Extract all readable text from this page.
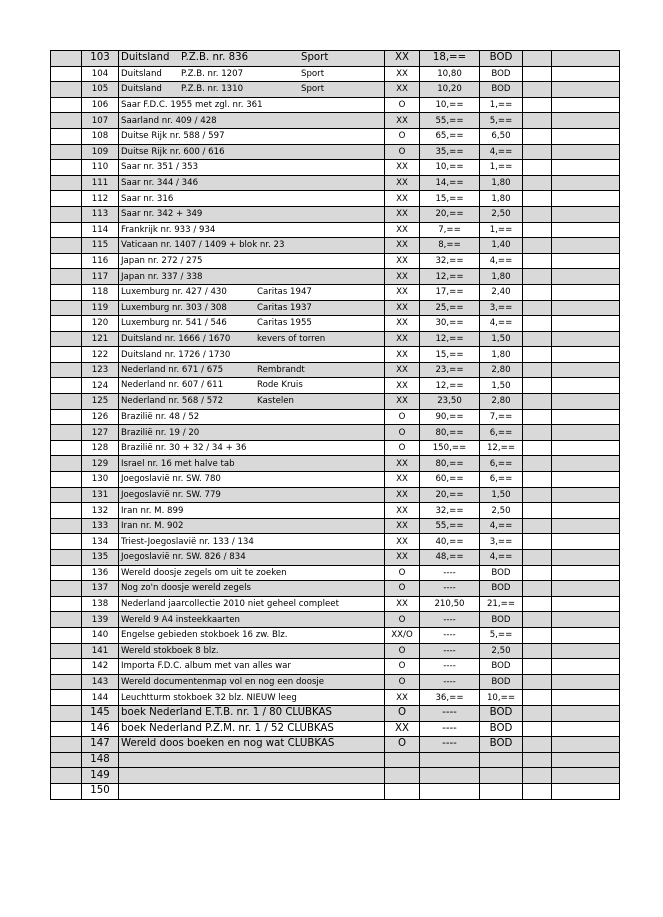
	103	Duitsland P.Z.B. nr. 836 Sport	XX	18,==	BOD		
	104	Duitsland P.Z.B. nr. 1207 Sport	XX	10,80	BOD		
	105	Duitsland P.Z.B. nr. 1310 Sport	XX	10,20	BOD		
	106	Saar F.D.C. 1955 met zgl. nr. 361	O	10,==	1,==		
	107	Saarland nr. 409 / 428	XX	55,==	5,==		
	108	Duitse Rijk nr. 588 / 597	O	65,==	6,50		
	109	Duitse Rijk nr. 600 / 616	O	35,==	4,==		
	110	Saar nr. 351 / 353	XX	10,==	1,==		
	111	Saar nr. 344 / 346	XX	14,==	1,80		
	112	Saar nr. 316	XX	15,==	1,80		
	113	Saar nr. 342 + 349	XX	20,==	2,50		
	114	Frankrijk nr. 933 / 934	XX	7,==	1,==		
	115	Vaticaan nr. 1407 / 1409 + blok nr. 23	XX	8,==	1,40		
	116	Japan nr. 272 / 275	XX	32,==	4,==		
	117	Japan nr. 337 / 338	XX	12,==	1,80		
	118	Luxemburg nr. 427 / 430 Caritas 1947	XX	17,==	2,40		
	119	Luxemburg nr. 303 / 308 Caritas 1937	XX	25,==	3,==		
	120	Luxemburg nr. 541 / 546 Caritas 1955	XX	30,==	4,==		
	121	Duitsland nr. 1666 / 1670 kevers of torren	XX	12,==	1,50		
	122	Duitsland nr. 1726 / 1730	XX	15,==	1,80		
	123	Nederland nr. 671 / 675 Rembrandt	XX	23,==	2,80		
	124	Nederland nr. 607 / 611 Rode Kruis	XX	12,==	1,50		
	125	Nederland nr. 568 / 572 Kastelen	XX	23,50	2,80		
	126	Brazilië nr. 48 / 52	O	90,==	7,==		
	127	Brazilië nr. 19 / 20	O	80,==	6,==		
	128	Brazilië nr. 30 + 32 / 34 + 36	O	150,==	12,==		
	129	Israel nr. 16 met halve tab	XX	80,==	6,==		
	130	Joegoslavië nr. SW. 780	XX	60,==	6,==		
	131	Joegoslavië nr. SW. 779	XX	20,==	1,50		
	132	Iran nr. M. 899	XX	32,==	2,50		
	133	Iran nr. M. 902	XX	55,==	4,==		
	134	Triest-Joegoslavië nr. 133 / 134	XX	40,==	3,==		
	135	Joegoslavië nr. SW. 826 / 834	XX	48,==	4,==		
	136	Wereld doosje zegels om uit te zoeken	O	----	BOD		
	137	Nog zo'n doosje wereld zegels	O	----	BOD		
	138	Nederland jaarcollectie 2010 niet geheel compleet	XX	210,50	21,==		
	139	Wereld 9 A4 insteekkaarten	O	----	BOD		
	140	Engelse gebieden stokboek 16 zw. Blz.	XX/O	----	5,==		
	141	Wereld stokboek 8 blz.	O	----	2,50		
	142	Importa F.D.C. album met van alles war	O	----	BOD		
	143	Wereld documentenmap vol en nog een doosje	O	----	BOD		
	144	Leuchtturm stokboek 32 blz. NIEUW leeg	XX	36,==	10,==		
	145	boek Nederland E.T.B. nr. 1 / 80 CLUBKAS	O	----	BOD		
	146	boek Nederland P.Z.M. nr. 1 / 52 CLUBKAS	XX	----	BOD		
	147	Wereld doos boeken en nog wat CLUBKAS	O	----	BOD		
	148						
	149						
	150						
